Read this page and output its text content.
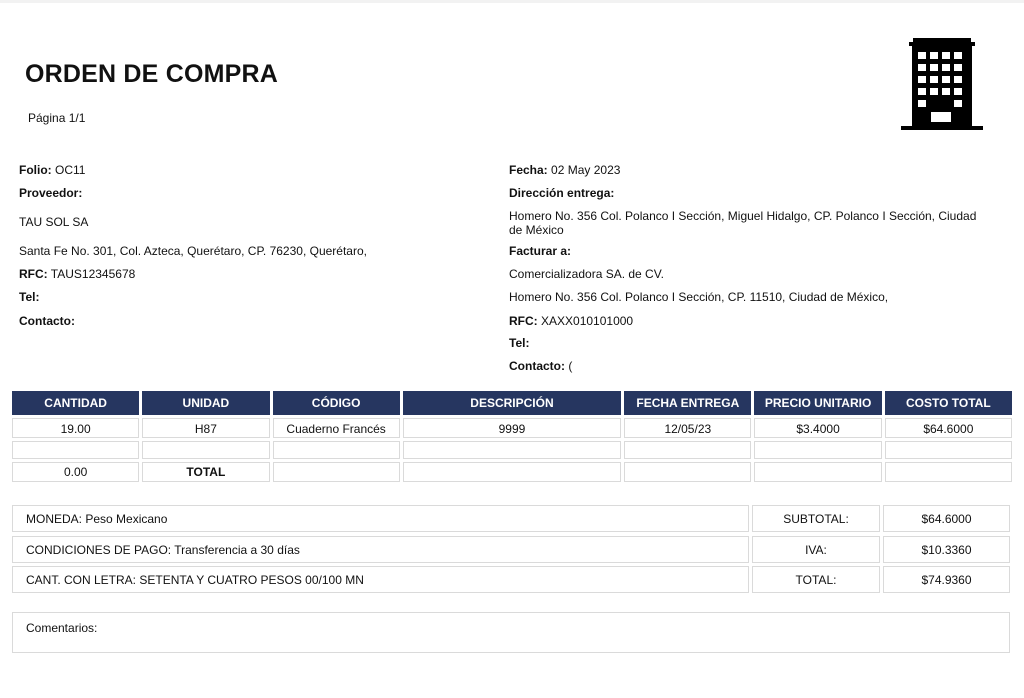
ORDEN DE COMPRA
Página 1/1
Folio: OC11
Proveedor:
TAU SOL SA
Santa Fe No. 301, Col. Azteca, Querétaro, CP. 76230, Querétaro,
RFC: TAUS12345678
Tel:
Contacto:
Fecha: 02 May 2023
Dirección entrega:
Homero No. 356 Col. Polanco I Sección, Miguel Hidalgo, CP. Polanco I Sección, Ciudad de México
Facturar a:
Comercializadora SA. de CV.
Homero No. 356 Col. Polanco I Sección, CP. 11510, Ciudad de México,
RFC: XAXX010101000
Tel:
Contacto: (
CANTIDAD	UNIDAD	CÓDIGO	DESCRIPCIÓN	FECHA ENTREGA	PRECIO UNITARIO	COSTO TOTAL
19.00	H87	Cuaderno Francés	9999	12/05/23	$3.4000	$64.6000

0.00	TOTAL					
MONEDA: Peso Mexicano	SUBTOTAL:	$64.6000
CONDICIONES DE PAGO: Transferencia a 30 días	IVA:	$10.3360
CANT. CON LETRA: SETENTA Y CUATRO PESOS 00/100 MN	TOTAL:	$74.9360
Comentarios:
